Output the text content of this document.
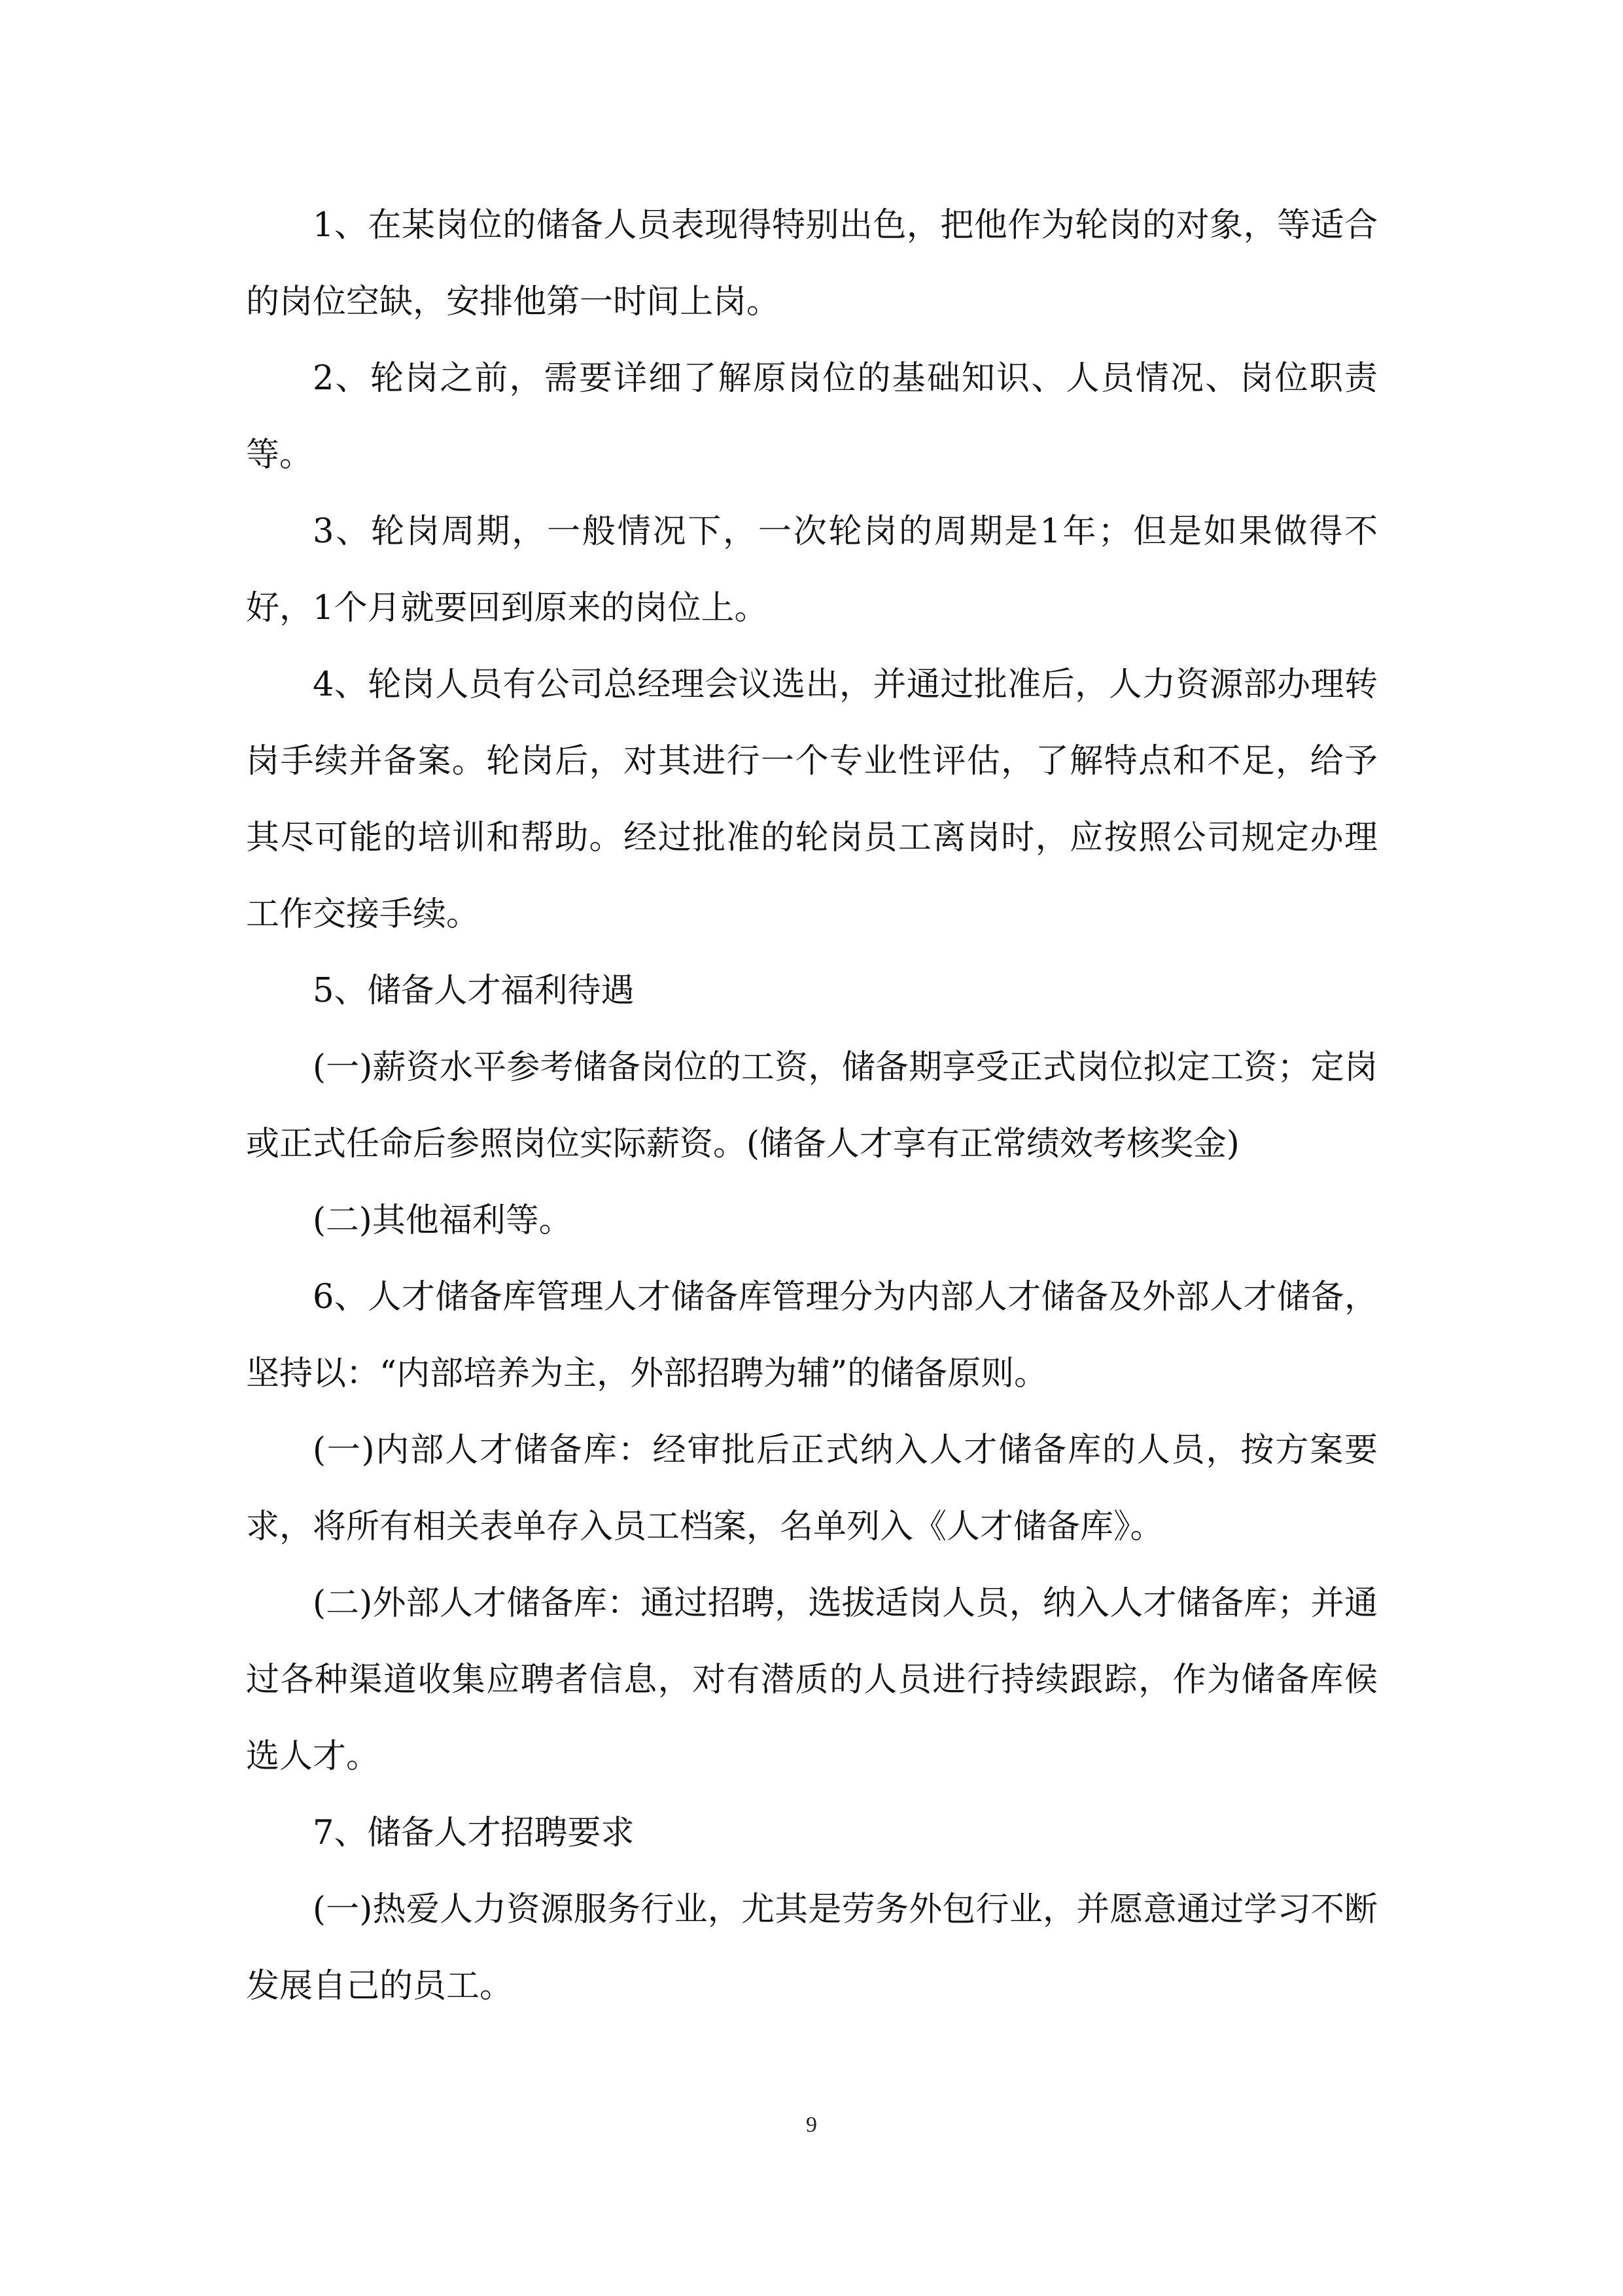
1、在某岗位的储备人员表现得特别出色，把他作为轮岗的对象，等适合的岗位空缺，安排他第一时间上岗。

2、轮岗之前，需要详细了解原岗位的基础知识、人员情况、岗位职责等。

3、轮岗周期，一般情况下，一次轮岗的周期是1年；但是如果做得不好，1个月就要回到原来的岗位上。

4、轮岗人员有公司总经理会议选出，并通过批准后，人力资源部办理转岗手续并备案。轮岗后，对其进行一个专业性评估，了解特点和不足，给予其尽可能的培训和帮助。经过批准的轮岗员工离岗时，应按照公司规定办理工作交接手续。

5、储备人才福利待遇

(一)薪资水平参考储备岗位的工资，储备期享受正式岗位拟定工资；定岗或正式任命后参照岗位实际薪资。(储备人才享有正常绩效考核奖金)

(二)其他福利等。

6、人才储备库管理人才储备库管理分为内部人才储备及外部人才储备，坚持以：“内部培养为主，外部招聘为辅”的储备原则。

(一)内部人才储备库：经审批后正式纳入人才储备库的人员，按方案要求，将所有相关表单存入员工档案，名单列入《人才储备库》。

(二)外部人才储备库：通过招聘，选拔适岗人员，纳入人才储备库；并通过各种渠道收集应聘者信息，对有潜质的人员进行持续跟踪，作为储备库候选人才。

7、储备人才招聘要求

(一)热爱人力资源服务行业，尤其是劳务外包行业，并愿意通过学习不断发展自己的员工。

9
